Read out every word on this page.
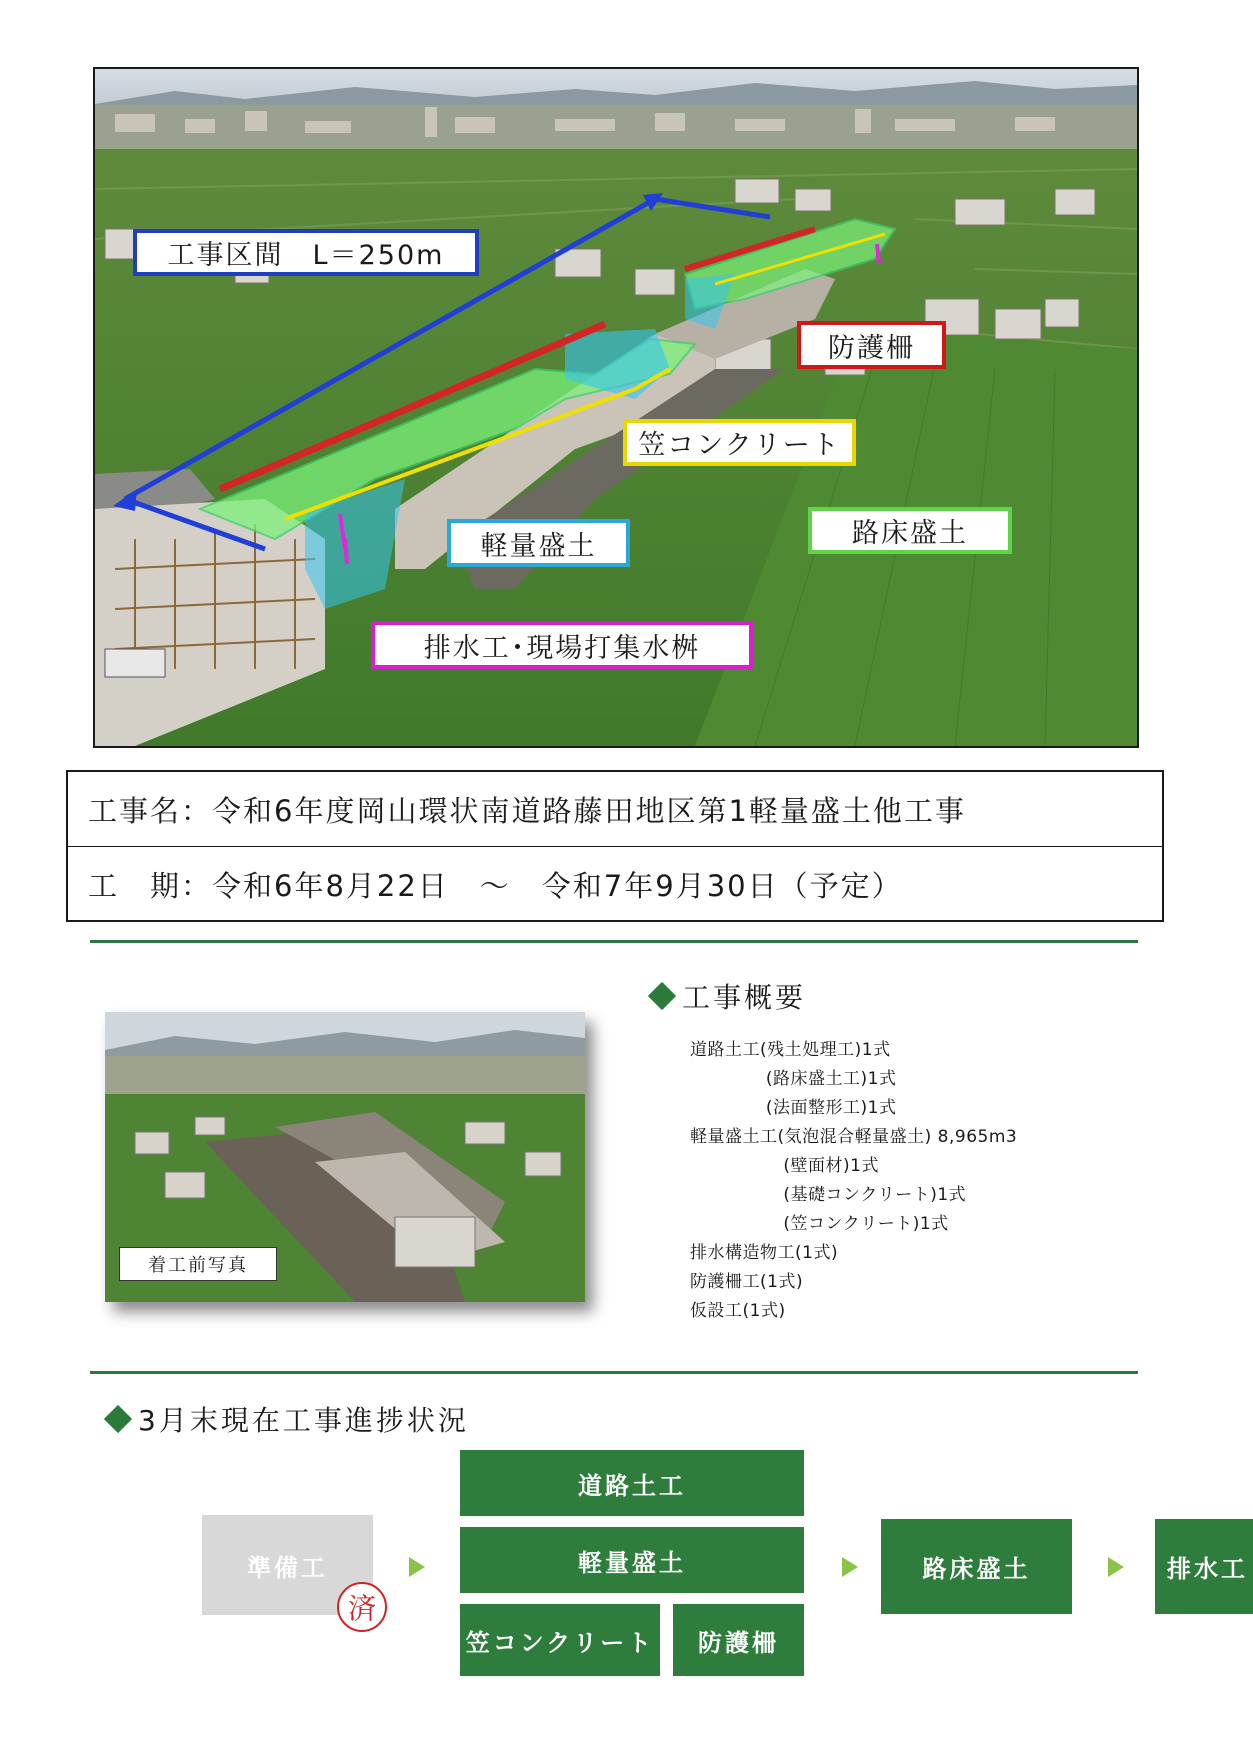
工事区間　L＝250m
防護柵
笠コンクリート
軽量盛土	路床盛土
排水工･現場打集水桝
工事名：令和6年度岡山環状南道路藤田地区第1軽量盛土他工事
工　期：令和6年8月22日　～　令和7年9月30日（予定）
着工前写真
工事概要
道路土工(残土処理工)1式
　　　　 (路床盛土工)1式
　　　　 (法面整形工)1式
軽量盛土工(気泡混合軽量盛土) 8,965m3
　　　　　 (壁面材)1式
　　　　　 (基礎コンクリート)1式
　　　　　 (笠コンクリート)1式
排水構造物工(1式)
防護柵工(1式)
仮設工(1式)
3月末現在工事進捗状況
準備工
済
道路土工
軽量盛土
笠コンクリート	防護柵
路床盛土	排水工
